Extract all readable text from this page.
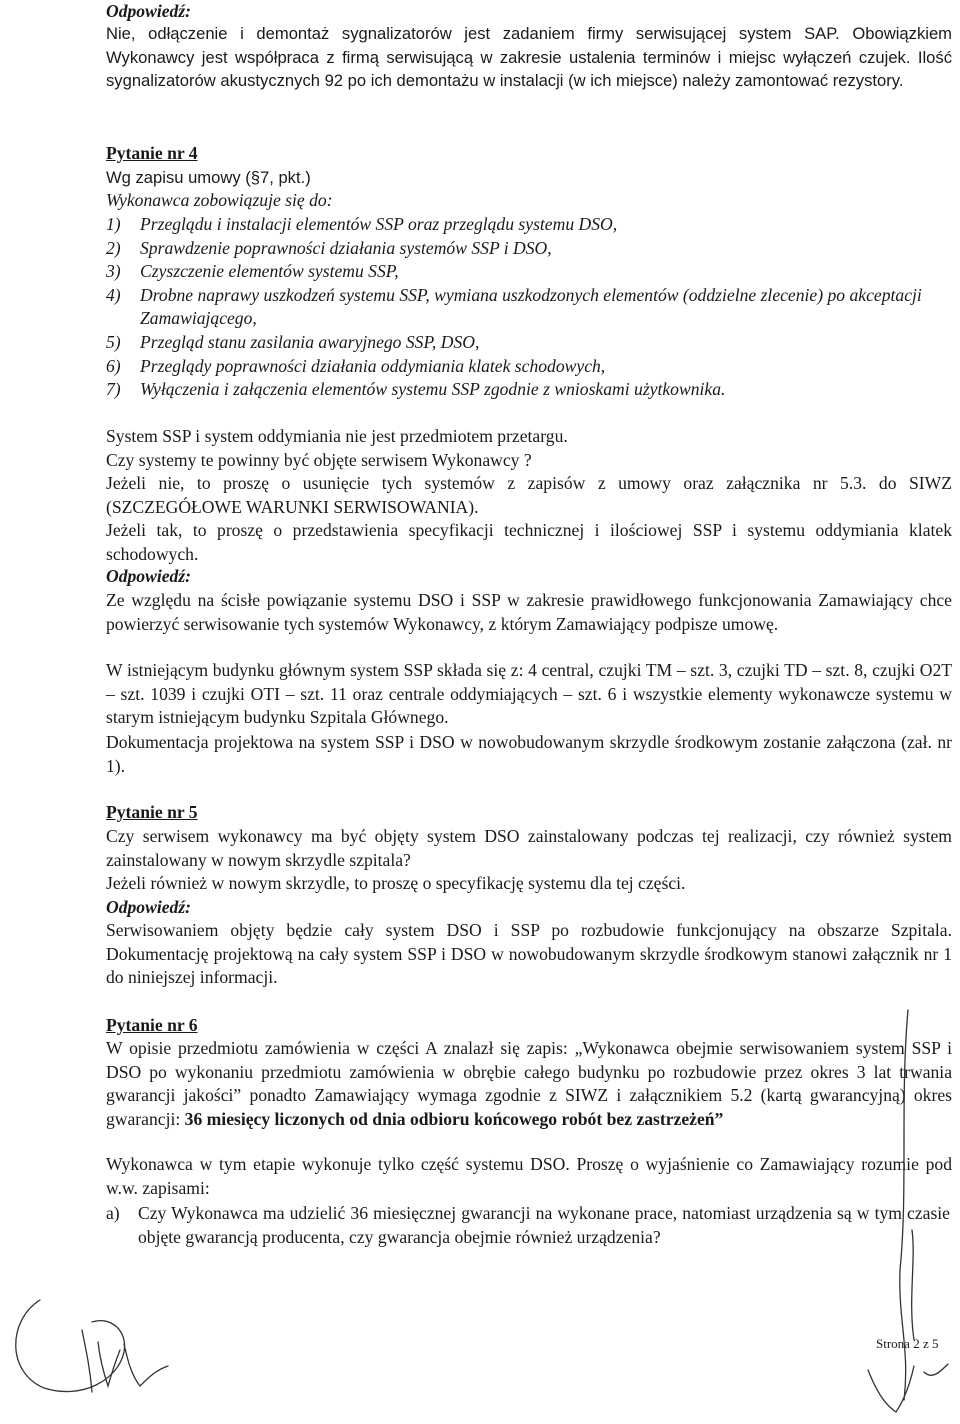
Odpowiedź:

Nie, odłączenie i demontaż sygnalizatorów jest zadaniem firmy serwisującej system SAP. Obowiązkiem Wykonawcy jest współpraca z firmą serwisującą w zakresie ustalenia terminów i miejsc wyłączeń czujek. Ilość sygnalizatorów akustycznych 92 po ich demontażu w instalacji (w ich miejsce) należy zamontować rezystory.

Pytanie nr 4

Wg zapisu umowy (§7, pkt.)

Wykonawca zobowiązuje się do:

1) Przeglądu i instalacji elementów SSP oraz przeglądu systemu DSO,
2) Sprawdzenie poprawności działania systemów SSP i DSO,
3) Czyszczenie elementów systemu SSP,
4) Drobne naprawy uszkodzeń systemu SSP, wymiana uszkodzonych elementów (oddzielne zlecenie) po akceptacji Zamawiającego,
5) Przegląd stanu zasilania awaryjnego SSP, DSO,
6) Przeglądy poprawności działania oddymiania klatek schodowych,
7) Wyłączenia i załączenia elementów systemu SSP zgodnie z wnioskami użytkownika.

System SSP i system oddymiania nie jest przedmiotem przetargu.

Czy systemy te powinny być objęte serwisem Wykonawcy ?

Jeżeli nie, to proszę o usunięcie tych systemów z zapisów z umowy oraz załącznika nr 5.3. do SIWZ (SZCZEGÓŁOWE WARUNKI SERWISOWANIA).

Jeżeli tak, to proszę o przedstawienia specyfikacji technicznej i ilościowej SSP i systemu oddymiania klatek schodowych.

Odpowiedź:

Ze względu na ścisłe powiązanie systemu DSO i SSP w zakresie prawidłowego funkcjonowania Zamawiający chce powierzyć serwisowanie tych systemów Wykonawcy, z którym Zamawiający podpisze umowę.

W istniejącym budynku głównym system SSP składa się z: 4 central, czujki TM – szt. 3, czujki TD – szt. 8, czujki O2T – szt. 1039 i czujki OTI – szt. 11 oraz centrale oddymiających – szt. 6 i wszystkie elementy wykonawcze systemu w starym istniejącym budynku Szpitala Głównego.

Dokumentacja projektowa na system SSP i DSO w nowobudowanym skrzydle środkowym zostanie załączona (zał. nr 1).

Pytanie nr 5

Czy serwisem wykonawcy ma być objęty system DSO zainstalowany podczas tej realizacji, czy również system zainstalowany w nowym skrzydle szpitala?

Jeżeli również w nowym skrzydle, to proszę o specyfikację systemu dla tej części.

Odpowiedź:

Serwisowaniem objęty będzie cały system DSO i SSP po rozbudowie funkcjonujący na obszarze Szpitala. Dokumentację projektową na cały system SSP i DSO w nowobudowanym skrzydle środkowym stanowi załącznik nr 1 do niniejszej informacji.

Pytanie nr 6

W opisie przedmiotu zamówienia w części A znalazł się zapis: „Wykonawca obejmie serwisowaniem system SSP i DSO po wykonaniu przedmiotu zamówienia w obrębie całego budynku po rozbudowie przez okres 3 lat trwania gwarancji jakości” ponadto Zamawiający wymaga zgodnie z SIWZ i załącznikiem 5.2 (kartą gwarancyjną) okres gwarancji: 36 miesięcy liczonych od dnia odbioru końcowego robót bez zastrzeżeń”

Wykonawca w tym etapie wykonuje tylko część systemu DSO. Proszę o wyjaśnienie co Zamawiający rozumie pod w.w. zapisami:

a) Czy Wykonawca ma udzielić 36 miesięcznej gwarancji na wykonane prace, natomiast urządzenia są w tym czasie objęte gwarancją producenta, czy gwarancja obejmie również urządzenia?

Strona 2 z 5
